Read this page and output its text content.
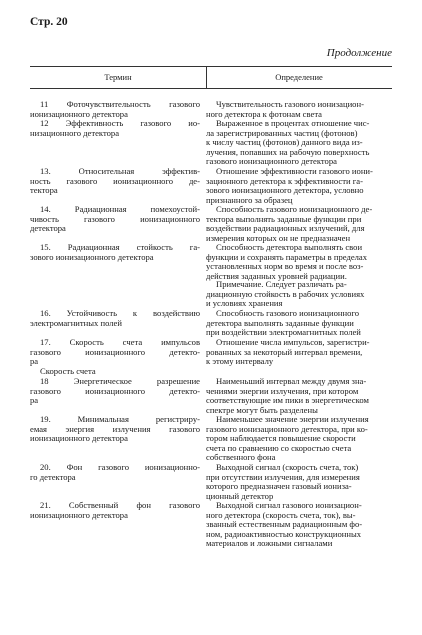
Стр. 20
Продолжение
Термин	Определение
11 Фоточувствительность газового
ионизационного детектора
Чувствительность газового ионизацион-
ного детектора к фотонам света
12 Эффективность газового ио-
низационного детектора
Выраженное в процентах отношение чис-
ла зарегистрированных частиц (фотонов)
к числу частиц (фотонов) данного вида из-
лучения, попавших на рабочую поверхность
газового ионизационного детектора
13. Относительная эффектив-
ность газового ионизационного де-
тектора
Отношение эффективности газового иони-
зационного детектора к эффективности га-
зового ионизационного детектора, условно
признанного за образец
14. Радиационная помехоустой-
чивость газового ионизационного
детектора
Способность газового ионизационного де-
тектора выполнять заданные функции при
воздействии радиационных излучений, для
измерения которых он не предназначен
15. Радиационная стойкость га-
зового ионизационного детектора
Способность детектора выполнять свои
функции и сохранять параметры в пределах
установленных норм во время и после воз-
действия заданных уровней радиации.
Примечание. Следует различать ра-
диационную стойкость в рабочих условиях
и условиях хранения
16. Устойчивость к воздействию
электромагнитных полей
Способность газового ионизационного
детектора выполнять заданные функции
при воздействии электромагнитных полей
17. Скорость счета импульсов
газового ионизационного детекто-
ра
Отношение числа импульсов, зарегистри-
рованных за некоторый интервал времени,
к этому интервалу
Скорость счета
18 Энергетическое разрешение
газового ионизационного детекто-
ра
Наименьший интервал между двумя зна-
чениями энергии излучения, при котором
соответствующие им пики в энергетическом
спектре могут быть разделены
19. Минимальная регистриру-
емая энергия излучения газового
ионизационного детектора
Наименьшее значение энергии излучения
газового ионизационного детектора, при ко-
тором наблюдается повышение скорости
счета по сравнению со скоростью счета
собственного фона
20. Фон газового ионизационно-
го детектора
Выходной сигнал (скорость счета, ток)
при отсутствии излучения, для измерения
которого предназначен газовый иониза-
ционный детектор
21. Собственный фон газового
ионизационного детектора
Выходной сигнал газового ионизацион-
ного детектора (скорость счета, ток), вы-
званный естественным радиационным фо-
ном, радиоактивностью конструкционных
материалов и ложными сигналами
